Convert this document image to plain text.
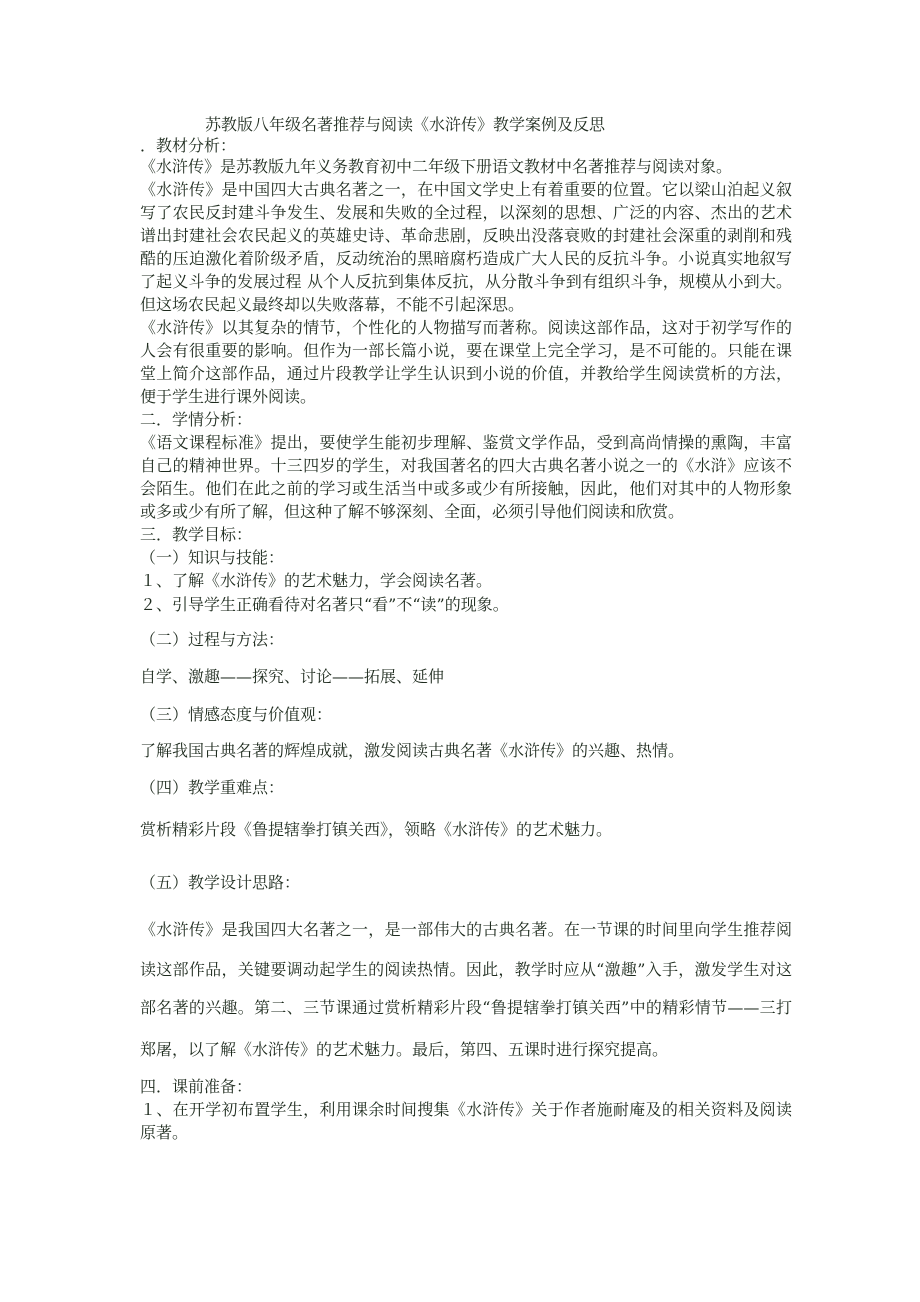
苏教版八年级名著推荐与阅读《水浒传》教学案例及反思
．教材分析：
《水浒传》是苏教版九年义务教育初中二年级下册语文教材中名著推荐与阅读对象。
《水浒传》是中国四大古典名著之一，在中国文学史上有着重要的位置。它以梁山泊起义叙
写了农民反封建斗争发生、发展和失败的全过程，以深刻的思想、广泛的内容、杰出的艺术
谱出封建社会农民起义的英雄史诗、革命悲剧，反映出没落衰败的封建社会深重的剥削和残
酷的压迫激化着阶级矛盾，反动统治的黑暗腐朽造成广大人民的反抗斗争。小说真实地叙写
了起义斗争的发展过程 从个人反抗到集体反抗，从分散斗争到有组织斗争，规模从小到大。
但这场农民起义最终却以失败落幕，不能不引起深思。
《水浒传》以其复杂的情节，个性化的人物描写而著称。阅读这部作品，这对于初学写作的
人会有很重要的影响。但作为一部长篇小说，要在课堂上完全学习，是不可能的。只能在课
堂上简介这部作品，通过片段教学让学生认识到小说的价值，并教给学生阅读赏析的方法，
便于学生进行课外阅读。
二．学情分析：
《语文课程标准》提出，要使学生能初步理解、鉴赏文学作品，受到高尚情操的熏陶，丰富
自己的精神世界。十三四岁的学生，对我国著名的四大古典名著小说之一的《水浒》应该不
会陌生。他们在此之前的学习或生活当中或多或少有所接触，因此，他们对其中的人物形象
或多或少有所了解，但这种了解不够深刻、全面，必须引导他们阅读和欣赏。
三．教学目标：
（一）知识与技能：
１、了解《水浒传》的艺术魅力，学会阅读名著。
２、引导学生正确看待对名著只“看”不“读”的现象。
（二）过程与方法：
自学、激趣——探究、讨论——拓展、延伸
（三）情感态度与价值观：
了解我国古典名著的辉煌成就，激发阅读古典名著《水浒传》的兴趣、热情。
（四）教学重难点：
赏析精彩片段《鲁提辖拳打镇关西》，领略《水浒传》的艺术魅力。
（五）教学设计思路：
《水浒传》是我国四大名著之一，是一部伟大的古典名著。在一节课的时间里向学生推荐阅
读这部作品，关键要调动起学生的阅读热情。因此，教学时应从“激趣”入手，激发学生对这
部名著的兴趣。第二、三节课通过赏析精彩片段“鲁提辖拳打镇关西”中的精彩情节——三打
郑屠，以了解《水浒传》的艺术魅力。最后，第四、五课时进行探究提高。
四．课前准备：
１、在开学初布置学生，利用课余时间搜集《水浒传》关于作者施耐庵及的相关资料及阅读
原著。
